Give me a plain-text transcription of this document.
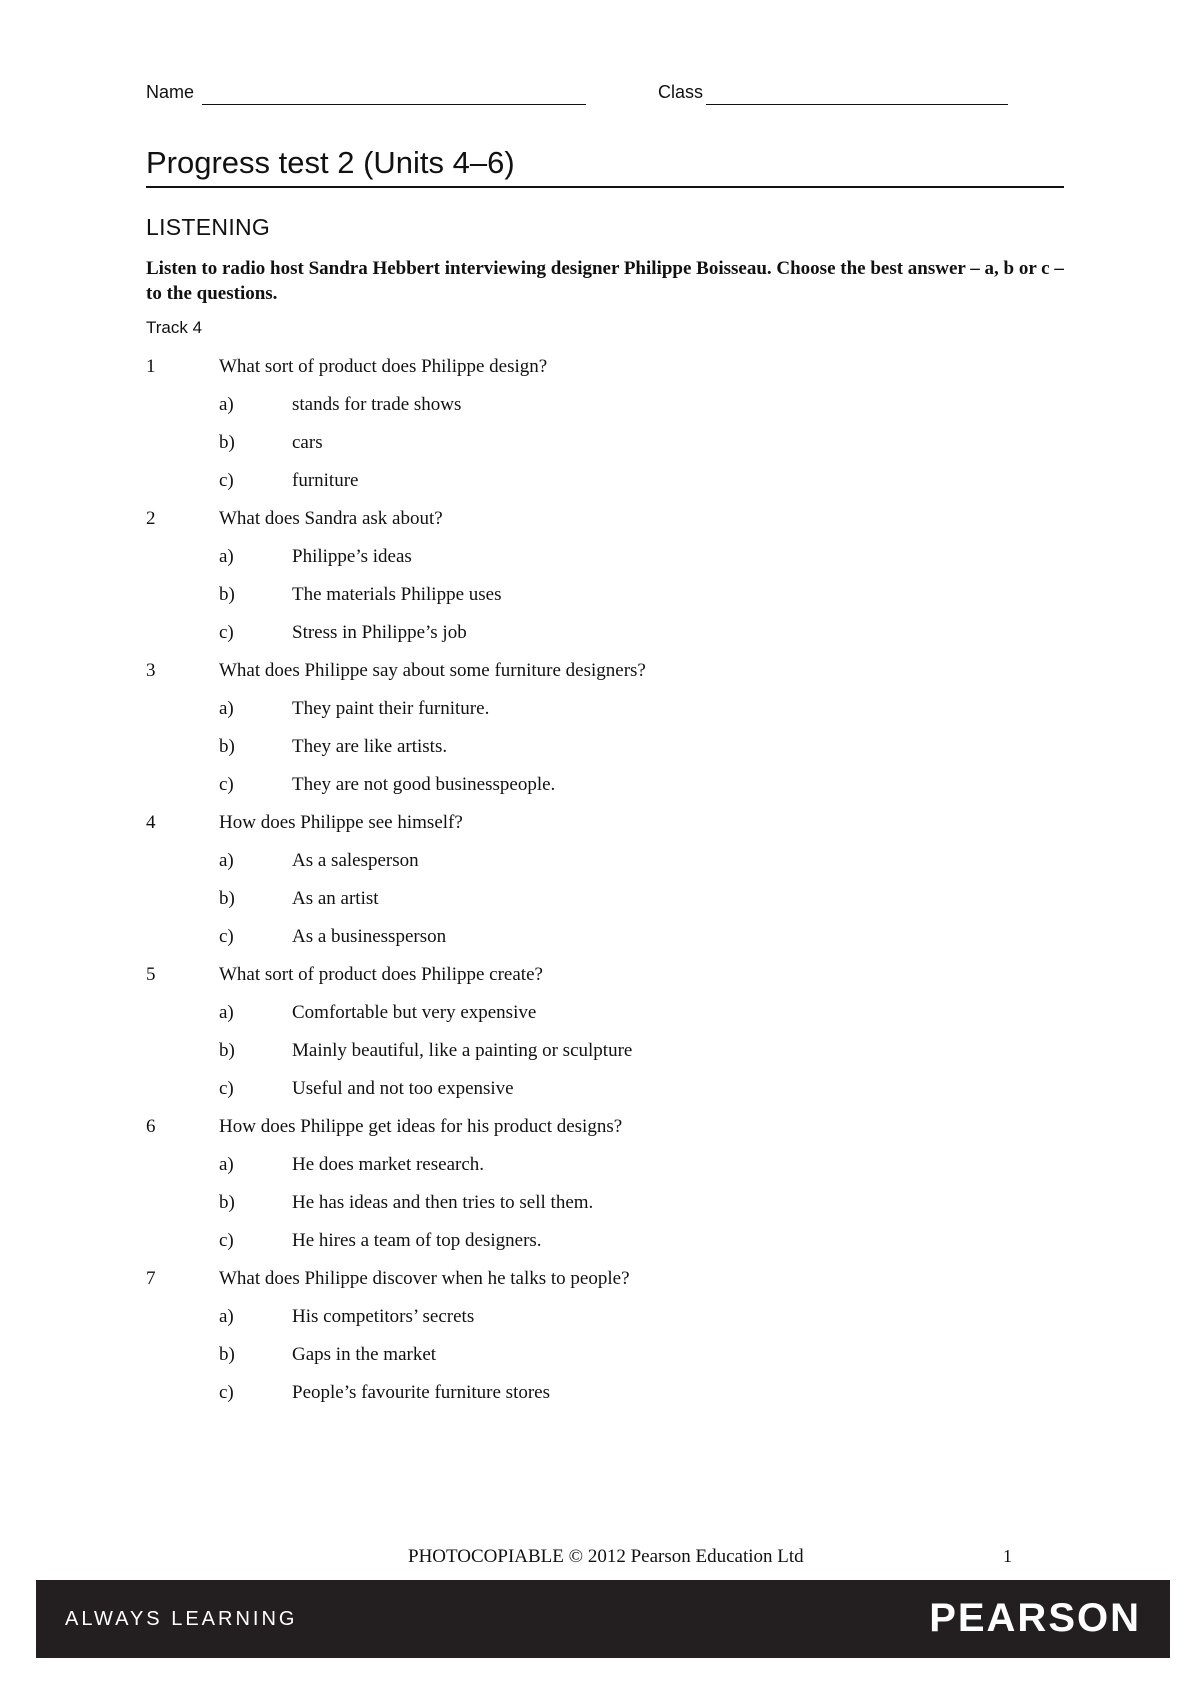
Name	Class
Progress test 2 (Units 4–6)
LISTENING
Listen to radio host Sandra Hebbert interviewing designer Philippe Boisseau. Choose the best answer – a, b or c – to the questions.
Track 4
1	What sort of product does Philippe design?
a)	stands for trade shows
b)	cars
c)	furniture
2	What does Sandra ask about?
a)	Philippe’s ideas
b)	The materials Philippe uses
c)	Stress in Philippe’s job
3	What does Philippe say about some furniture designers?
a)	They paint their furniture.
b)	They are like artists.
c)	They are not good businesspeople.
4	How does Philippe see himself?
a)	As a salesperson
b)	As an artist
c)	As a businessperson
5	What sort of product does Philippe create?
a)	Comfortable but very expensive
b)	Mainly beautiful, like a painting or sculpture
c)	Useful and not too expensive
6	How does Philippe get ideas for his product designs?
a)	He does market research.
b)	He has ideas and then tries to sell them.
c)	He hires a team of top designers.
7	What does Philippe discover when he talks to people?
a)	His competitors’ secrets
b)	Gaps in the market
c)	People’s favourite furniture stores
PHOTOCOPIABLE © 2012 Pearson Education Ltd	1
ALWAYS LEARNING	PEARSON
